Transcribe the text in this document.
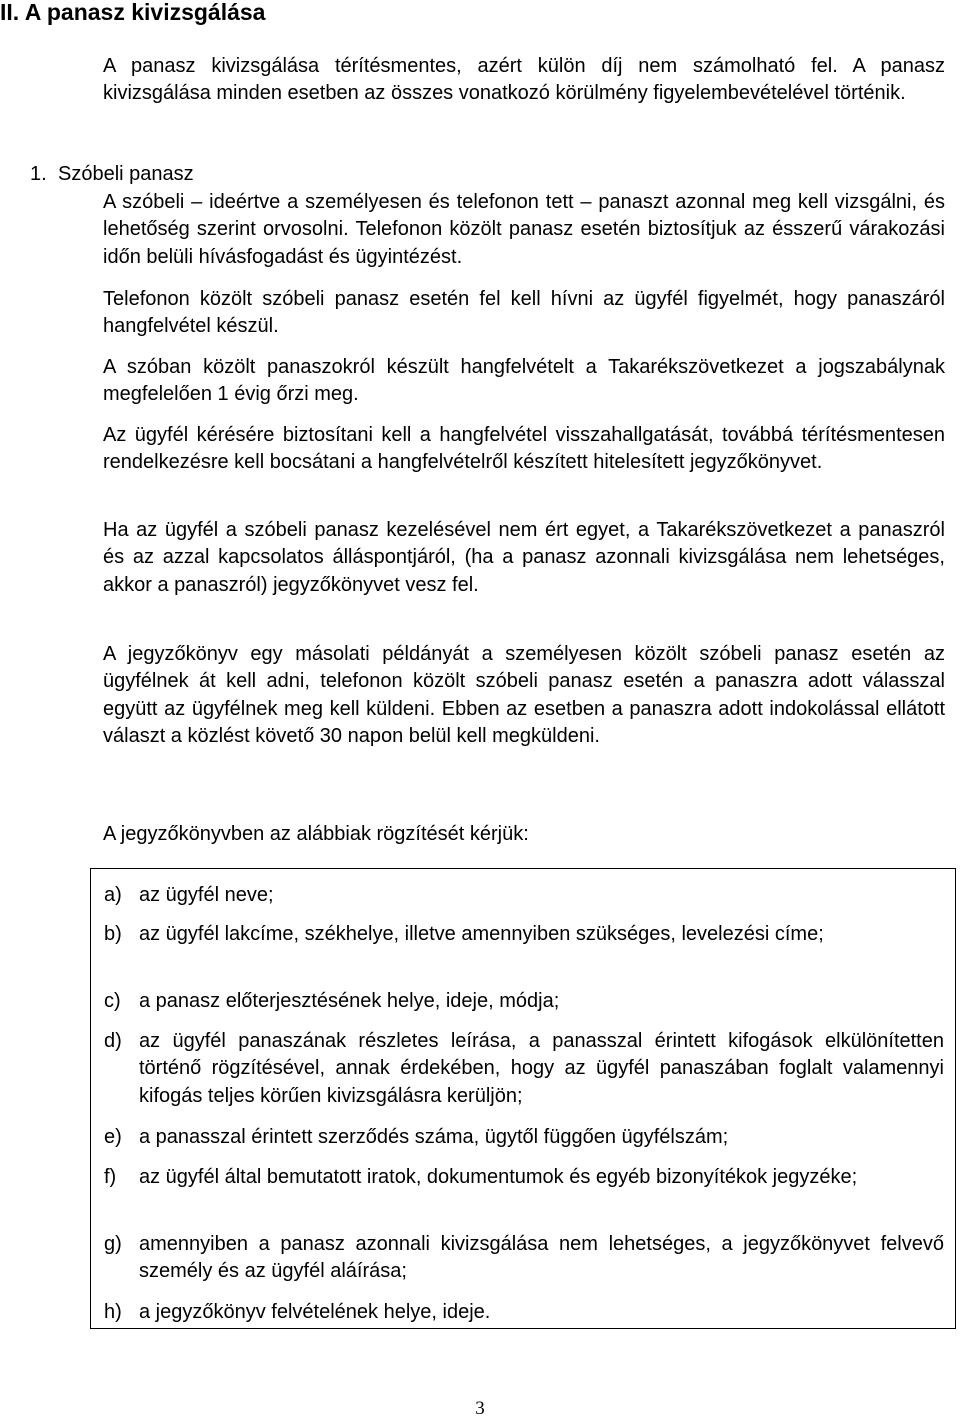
II. A panasz kivizsgálása

A panasz kivizsgálása térítésmentes, azért külön díj nem számolható fel. A panasz kivizsgálása minden esetben az összes vonatkozó körülmény figyelembevételével történik.

1. Szóbeli panasz

A szóbeli – ideértve a személyesen és telefonon tett – panaszt azonnal meg kell vizsgálni, és lehetőség szerint orvosolni. Telefonon közölt panasz esetén biztosítjuk az ésszerű várakozási időn belüli hívásfogadást és ügyintézést.

Telefonon közölt szóbeli panasz esetén fel kell hívni az ügyfél figyelmét, hogy panaszáról hangfelvétel készül.

A szóban közölt panaszokról készült hangfelvételt a Takarékszövetkezet a jogszabálynak megfelelően 1 évig őrzi meg.

Az ügyfél kérésére biztosítani kell a hangfelvétel visszahallgatását, továbbá térítésmentesen rendelkezésre kell bocsátani a hangfelvételről készített hitelesített jegyzőkönyvet.

Ha az ügyfél a szóbeli panasz kezelésével nem ért egyet, a Takarékszövetkezet a panaszról és az azzal kapcsolatos álláspontjáról, (ha a panasz azonnali kivizsgálása nem lehetséges, akkor a panaszról) jegyzőkönyvet vesz fel.

A jegyzőkönyv egy másolati példányát a személyesen közölt szóbeli panasz esetén az ügyfélnek át kell adni, telefonon közölt szóbeli panasz esetén a panaszra adott válasszal együtt az ügyfélnek meg kell küldeni. Ebben az esetben a panaszra adott indokolással ellátott választ a közlést követő 30 napon belül kell megküldeni.

A jegyzőkönyvben az alábbiak rögzítését kérjük:

a) az ügyfél neve;
b) az ügyfél lakcíme, székhelye, illetve amennyiben szükséges, levelezési címe;
c) a panasz előterjesztésének helye, ideje, módja;
d) az ügyfél panaszának részletes leírása, a panasszal érintett kifogások elkülönítetten történő rögzítésével, annak érdekében, hogy az ügyfél panaszában foglalt valamennyi kifogás teljes körűen kivizsgálásra kerüljön;
e) a panasszal érintett szerződés száma, ügytől függően ügyfélszám;
f)	az ügyfél által bemutatott iratok, dokumentumok és egyéb bizonyítékok jegyzéke;
g) amennyiben a panasz azonnali kivizsgálása nem lehetséges, a jegyzőkönyvet felvevő személy és az ügyfél aláírása;
h) a jegyzőkönyv felvételének helye, ideje.
3
